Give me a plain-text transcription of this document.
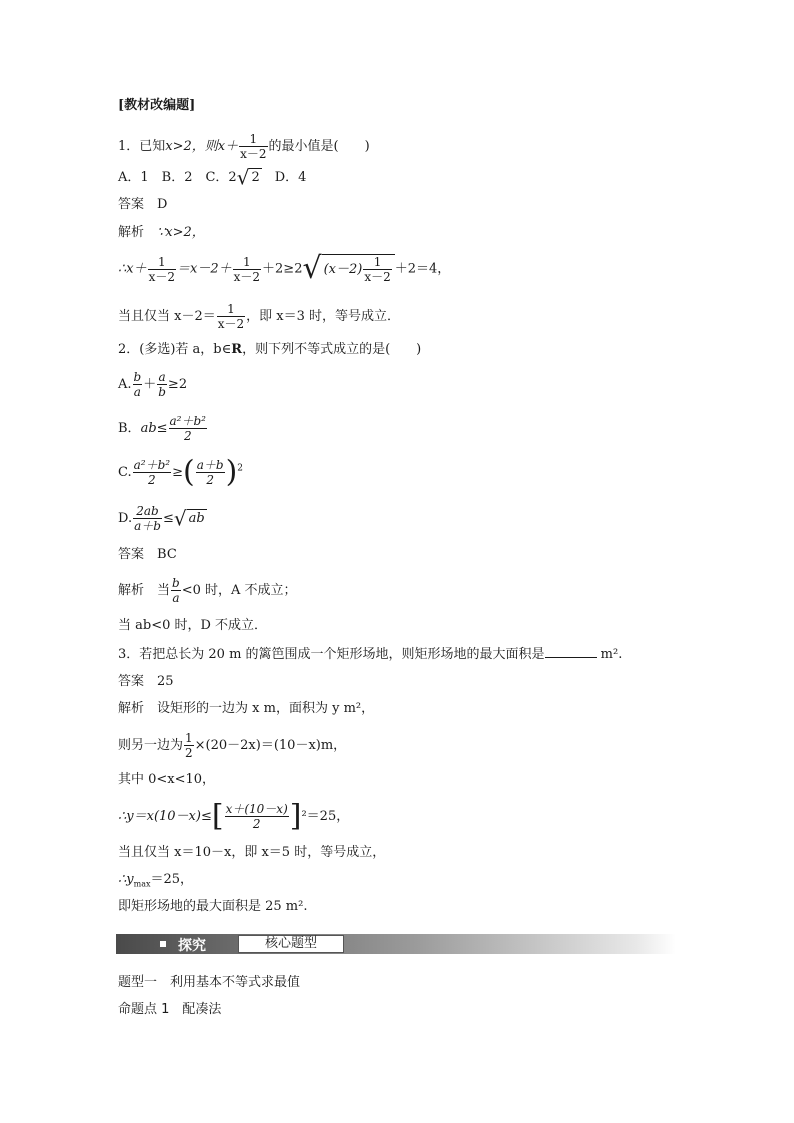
[教材改编题]
1．已知x>2，则$x+ \frac{1}{x-2}$ 的最小值是(　　)
A．1　B．2　C．2√ 2　D．4
答案　 D
解析　 ∵x>2，
∴x＋ $\frac{1}{x-2} =x-2+ \frac{1}{x-2} +2\ge 2√$ $(x-2) \frac{1}{x-2} +2=4$，
当且仅当 $x-2= \frac{1}{x-2}$ ，即 x＝3 时，等号成立．
2．(多选)若 a，b∈R，则下列不等式成立的是(　　)
A. $\frac{b}{a} + \frac{a}{b} \ge 2$
B．$ab\le \frac{\text{a²＋b²}}{2}$
C. $\frac{\text{a²＋b²}}{2}$ ≥( $\frac{a+b}{2} )^2$
D. $\frac{2ab}{a+b}$ ≤√ ab
答案　 BC
解析　 当 $\frac{b}{a} <0$ 时，A 不成立；
当 ab<0 时，D 不成立．
3．若把总长为 20 m 的篱笆围成一个矩形场地，则矩形场地的最大面积是	m².
答案　 25
解析　 设矩形的一边为 x m，面积为 y m²，
则另一边为 $\frac{1}{2} \times(20-2x)=(10-x)m$，
其中 0<x<10，
∴y＝x(10－x)≤[ $\frac{x+(10-x)}{2} ]^2=25$，
当且仅当 x＝10－x，即 x＝5 时，等号成立，
$\therefore y_{max}=25$，
即矩形场地的最大面积是 25 m².
探究	核心题型
题型一　利用基本不等式求最值
命题点 1　配凑法
